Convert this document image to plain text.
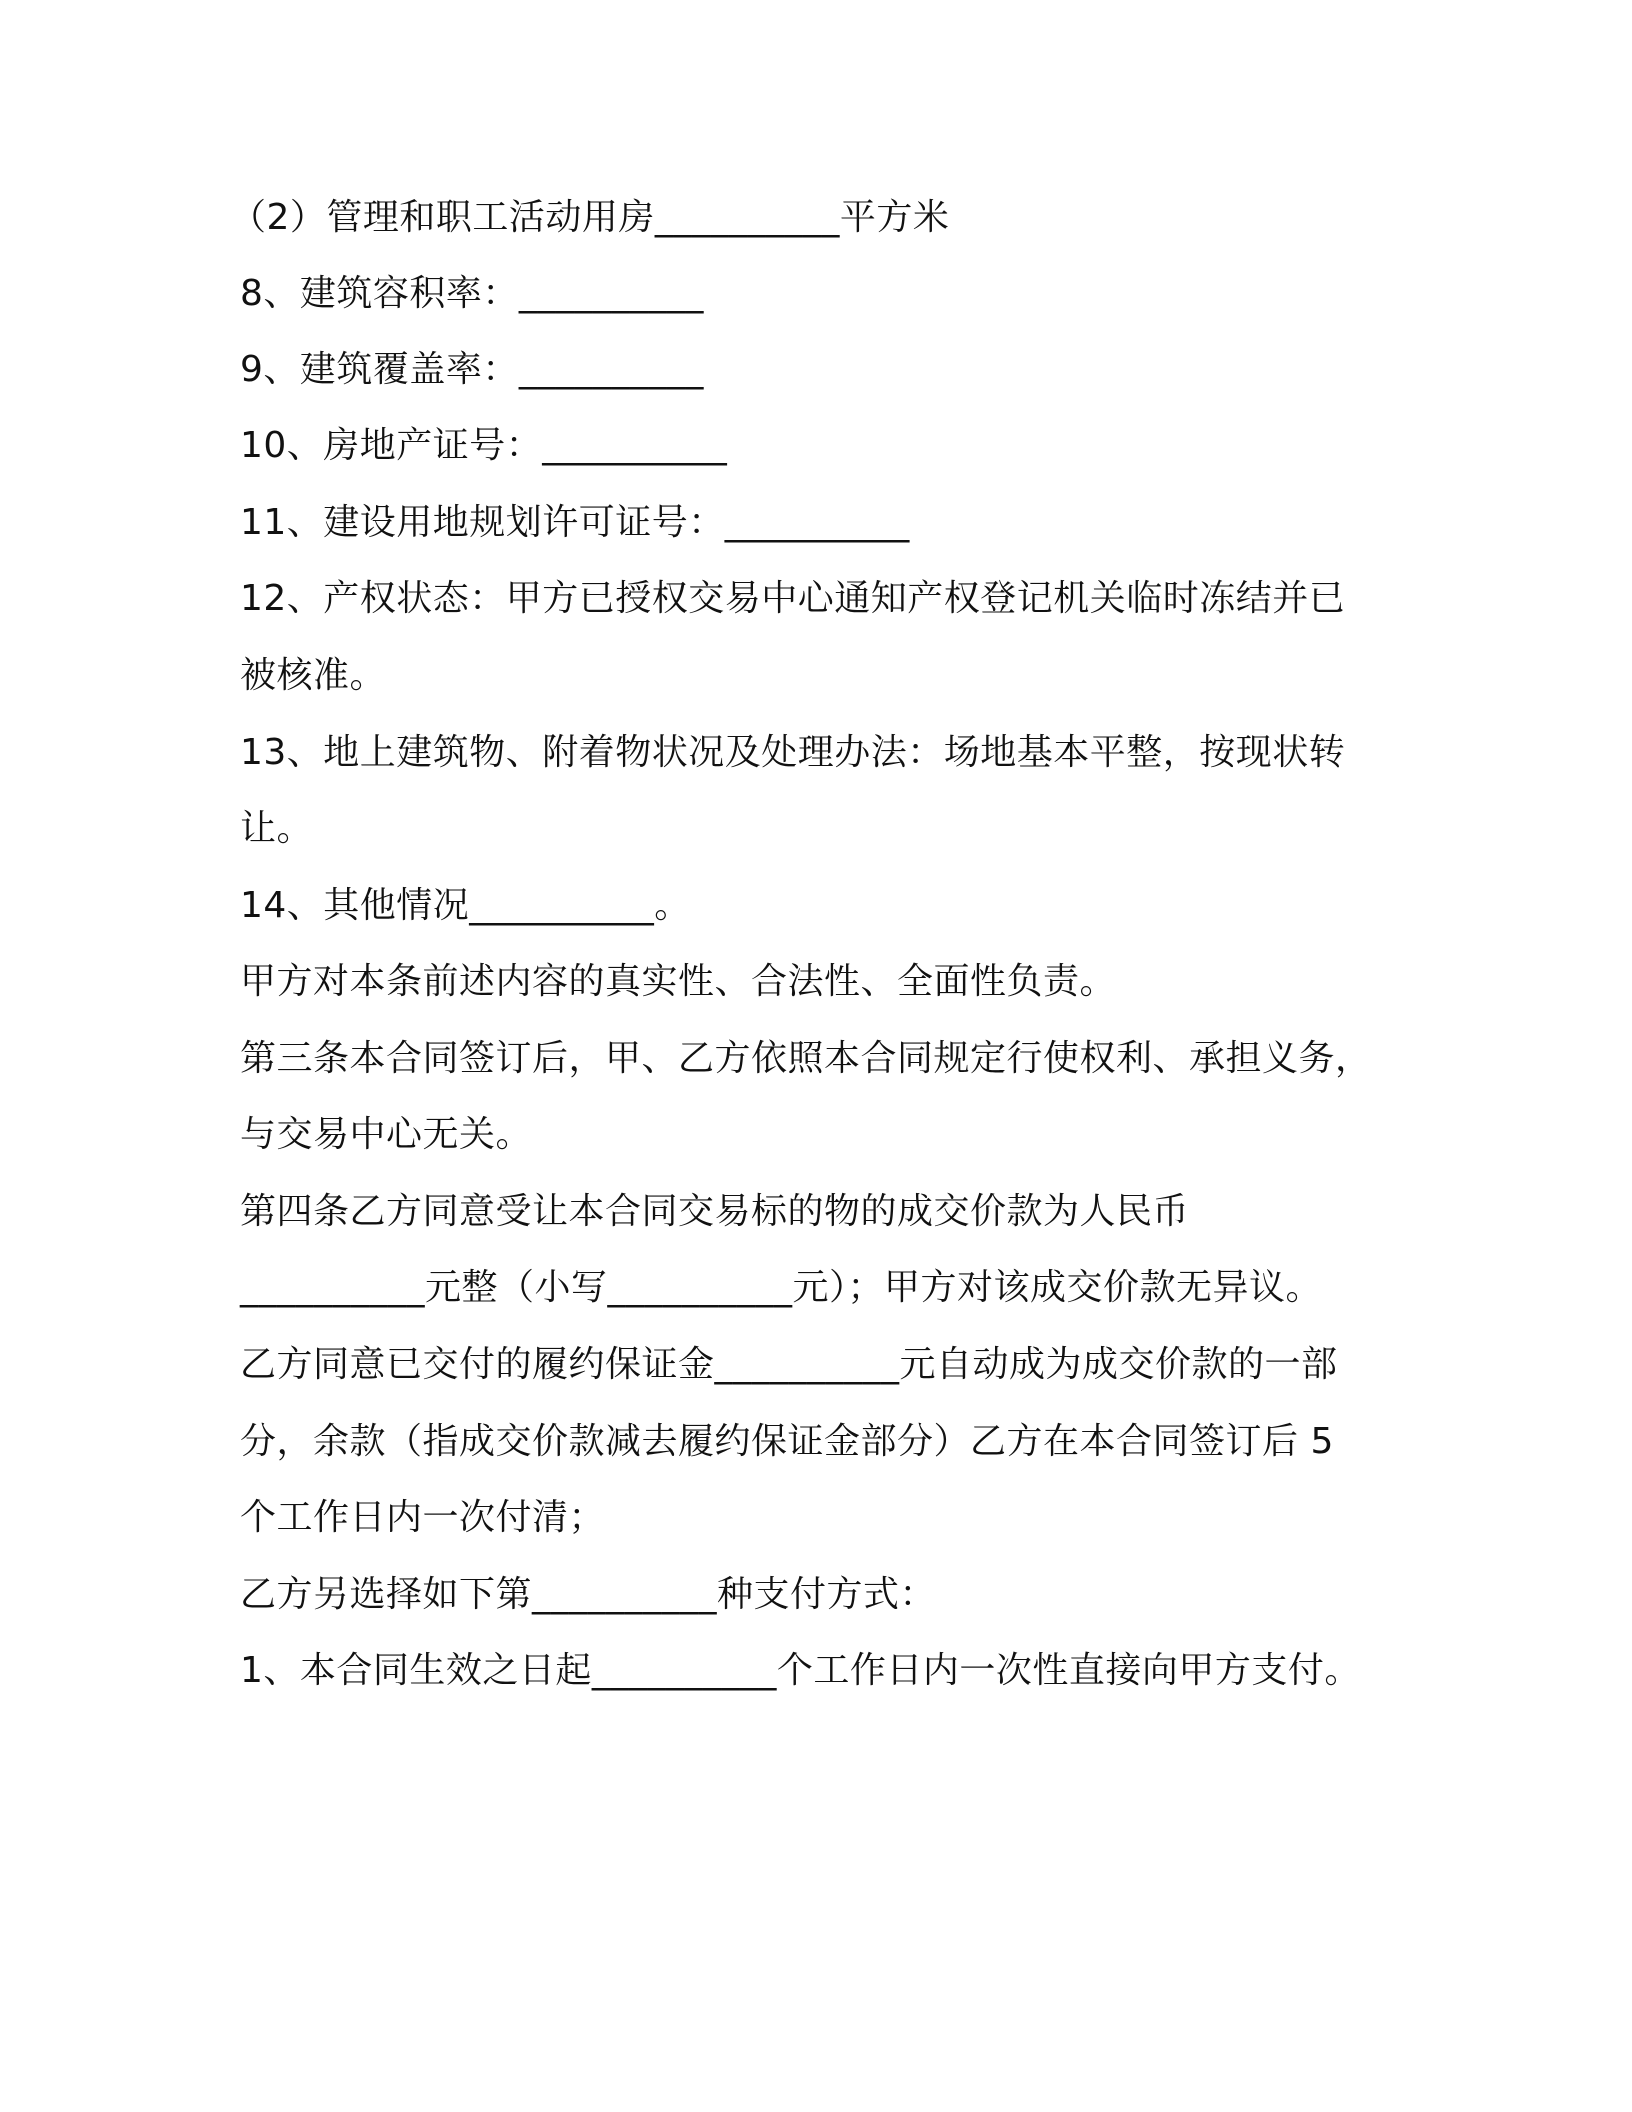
（2）管理和职工活动用房__________平方米

8、建筑容积率：__________

9、建筑覆盖率：__________

10、房地产证号：__________

11、建设用地规划许可证号：__________

12、产权状态：甲方已授权交易中心通知产权登记机关临时冻结并已

被核准。

13、地上建筑物、附着物状况及处理办法：场地基本平整，按现状转

让。

14、其他情况__________。

甲方对本条前述内容的真实性、合法性、全面性负责。

第三条本合同签订后，甲、乙方依照本合同规定行使权利、承担义务，

与交易中心无关。

第四条乙方同意受让本合同交易标的物的成交价款为人民币

__________元整（小写__________元）；甲方对该成交价款无异议。

乙方同意已交付的履约保证金__________元自动成为成交价款的一部

分，余款（指成交价款减去履约保证金部分）乙方在本合同签订后 5

个工作日内一次付清；

乙方另选择如下第__________种支付方式：

1、本合同生效之日起__________个工作日内一次性直接向甲方支付。
